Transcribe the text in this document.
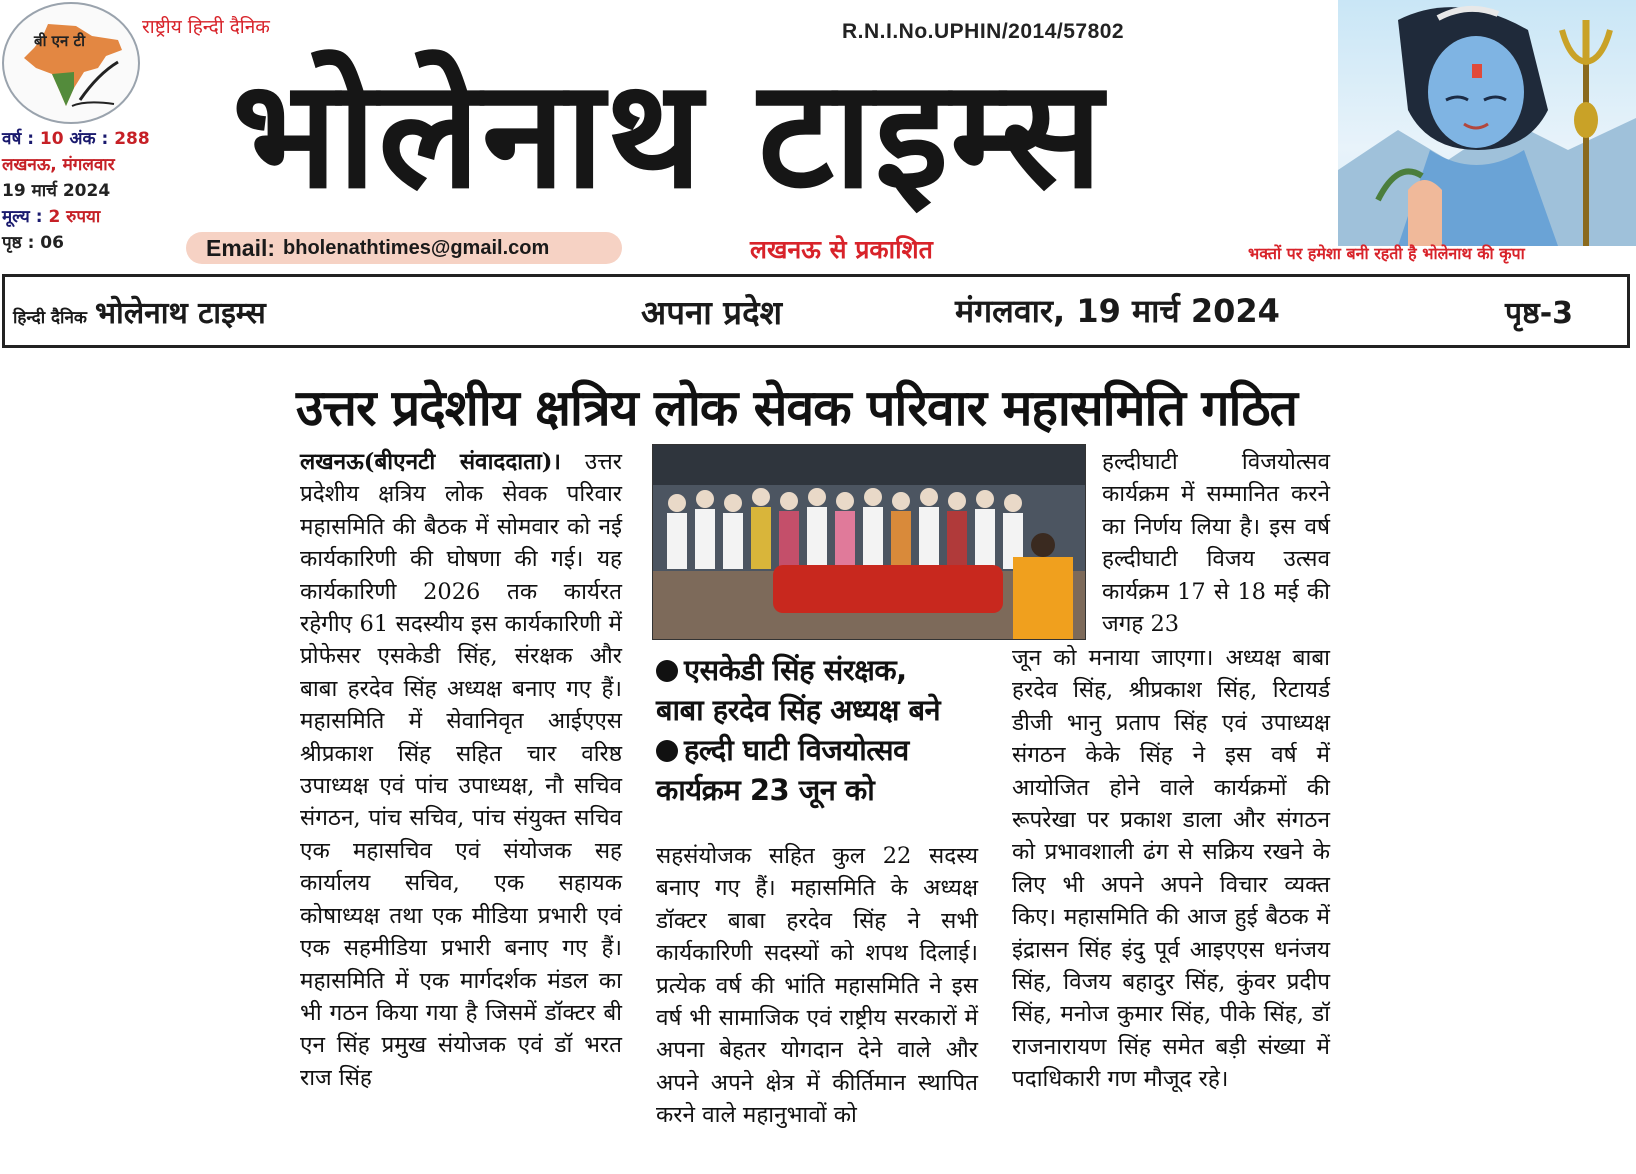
बी एन टी
राष्ट्रीय हिन्दी दैनिक	R.N.I.No.UPHIN/2014/57802
भोलेनाथ टाइम्स
वर्ष : 10 अंक : 288
लखनऊ, मंगलवार
19 मार्च 2024
मूल्य : 2 रुपया
पृष्ठ : 06	Email: bholenathtimes@gmail.com	लखनऊ से प्रकाशित	भक्तों पर हमेशा बनी रहती है भोलेनाथ की कृपा
हिन्दी दैनिक भोलेनाथ टाइम्स	अपना प्रदेश	मंगलवार, 19 मार्च 2024	पृष्ठ-3
उत्तर प्रदेशीय क्षत्रिय लोक सेवक परिवार महासमिति गठित
लखनऊ(बीएनटी संवाददाता)। उत्तर प्रदेशीय क्षत्रिय लोक सेवक परिवार महासमिति की बैठक में सोमवार को नई कार्यकारिणी की घोषणा की गई। यह कार्यकारिणी 2026 तक कार्यरत रहेगीए 61 सदस्यीय इस कार्यकारिणी में प्रोफेसर एसकेडी सिंह, संरक्षक और बाबा हरदेव सिंह अध्यक्ष बनाए गए हैं।महासमिति में सेवानिवृत आईएएस श्रीप्रकाश सिंह सहित चार वरिष्ठ उपाध्यक्ष एवं पांच उपाध्यक्ष, नौ सचिव संगठन, पांच सचिव, पांच संयुक्त सचिव एक महासचिव एवं संयोजक सह कार्यालय सचिव, एक सहायक कोषाध्यक्ष तथा एक मीडिया प्रभारी एवं एक सहमीडिया प्रभारी बनाए गए हैं। महासमिति में एक मार्गदर्शक मंडल का भी गठन किया गया है जिसमें डॉक्टर बी एन सिंह प्रमुख संयोजक एवं डॉ भरत राज सिंह
एसकेडी सिंह संरक्षक,
बाबा हरदेव सिंह अध्यक्ष बने
हल्दी घाटी विजयोत्सव
कार्यक्रम 23 जून को
सहसंयोजक सहित कुल 22 सदस्य बनाए गए हैं। महासमिति के अध्यक्ष डॉक्टर बाबा हरदेव सिंह ने सभी कार्यकारिणी सदस्यों को शपथ दिलाई। प्रत्येक वर्ष की भांति महासमिति ने इस वर्ष भी सामाजिक एवं राष्ट्रीय सरकारों में अपना बेहतर योगदान देने वाले और अपने अपने क्षेत्र में कीर्तिमान स्थापित करने वाले महानुभावों को
हल्दीघाटी विजयोत्सव कार्यक्रम में सम्मानित करने का निर्णय लिया है। इस वर्ष हल्दीघाटी विजय उत्सव कार्यक्रम 17 से 18 मई की जगह 23
जून को मनाया जाएगा। अध्यक्ष बाबा हरदेव सिंह, श्रीप्रकाश सिंह, रिटायर्ड डीजी भानु प्रताप सिंह एवं उपाध्यक्ष संगठन केके सिंह ने इस वर्ष में आयोजित होने वाले कार्यक्रमों की रूपरेखा पर प्रकाश डाला और संगठन को प्रभावशाली ढंग से सक्रिय रखने के लिए भी अपने अपने विचार व्यक्त किए। महासमिति की आज हुई बैठक में इंद्रासन सिंह इंदु पूर्व आइएएस धनंजय सिंह, विजय बहादुर सिंह, कुंवर प्रदीप सिंह, मनोज कुमार सिंह, पीके सिंह, डॉ राजनारायण सिंह समेत बड़ी संख्या में पदाधिकारी गण मौजूद रहे।
